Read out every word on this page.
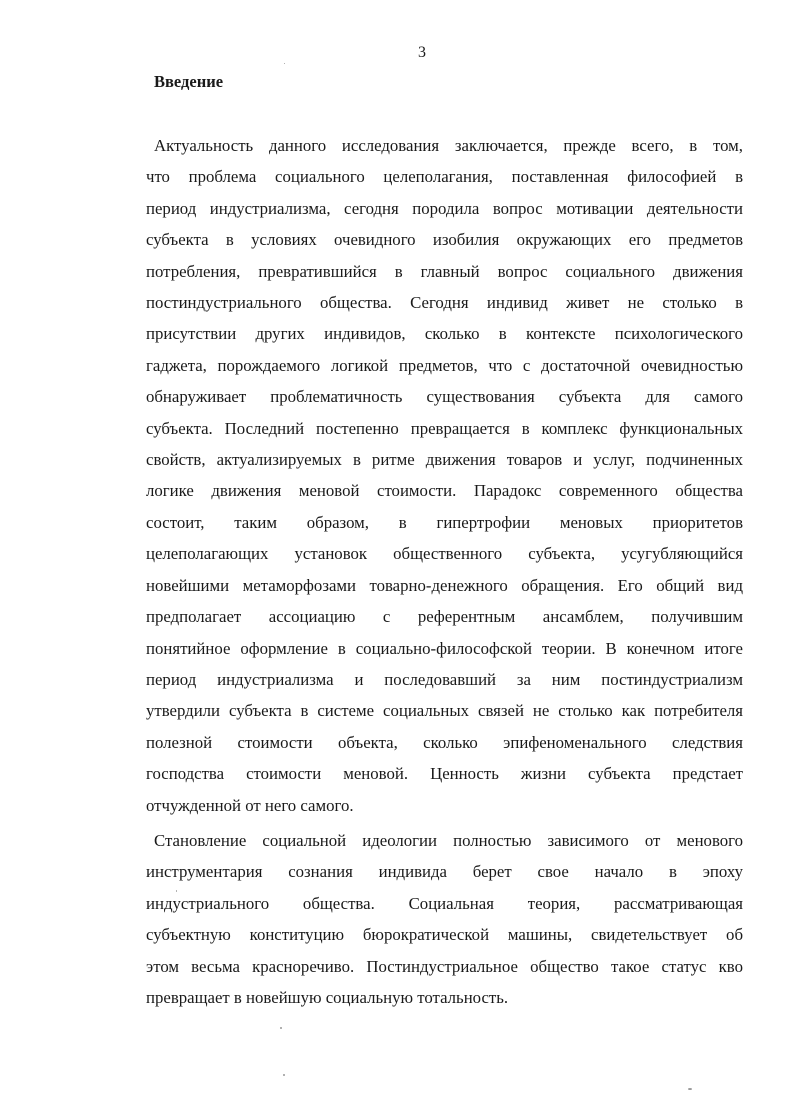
3
Введение
Актуальность данного исследования заключается, прежде всего, в том,
что проблема социального целеполагания, поставленная философией в
период индустриализма, сегодня породила вопрос мотивации деятельности
субъекта в условиях очевидного изобилия окружающих его предметов
потребления, превратившийся в главный вопрос социального движения
постиндустриального общества. Сегодня индивид живет не столько в
присутствии других индивидов, сколько в контексте психологического
гаджета, порождаемого логикой предметов, что с достаточной очевидностью
обнаруживает проблематичность существования субъекта для самого
субъекта. Последний постепенно превращается в комплекс функциональных
свойств, актуализируемых в ритме движения товаров и услуг, подчиненных
логике движения меновой стоимости. Парадокс современного общества
состоит, таким образом, в гипертрофии меновых приоритетов
целеполагающих установок общественного субъекта, усугубляющийся
новейшими метаморфозами товарно-денежного обращения. Его общий вид
предполагает ассоциацию с референтным ансамблем, получившим
понятийное оформление в социально-философской теории. В конечном итоге
период индустриализма и последовавший за ним постиндустриализм
утвердили субъекта в системе социальных связей не столько как потребителя
полезной стоимости объекта, сколько эпифеноменального следствия
господства стоимости меновой. Ценность жизни субъекта предстает
отчужденной от него самого.
Становление социальной идеологии полностью зависимого от менового
инструментария сознания индивида берет свое начало в эпоху
индустриального общества. Социальная теория, рассматривающая
субъектную конституцию бюрократической машины, свидетельствует об
этом весьма красноречиво. Постиндустриальное общество такое статус кво
превращает в новейшую социальную тотальность.
